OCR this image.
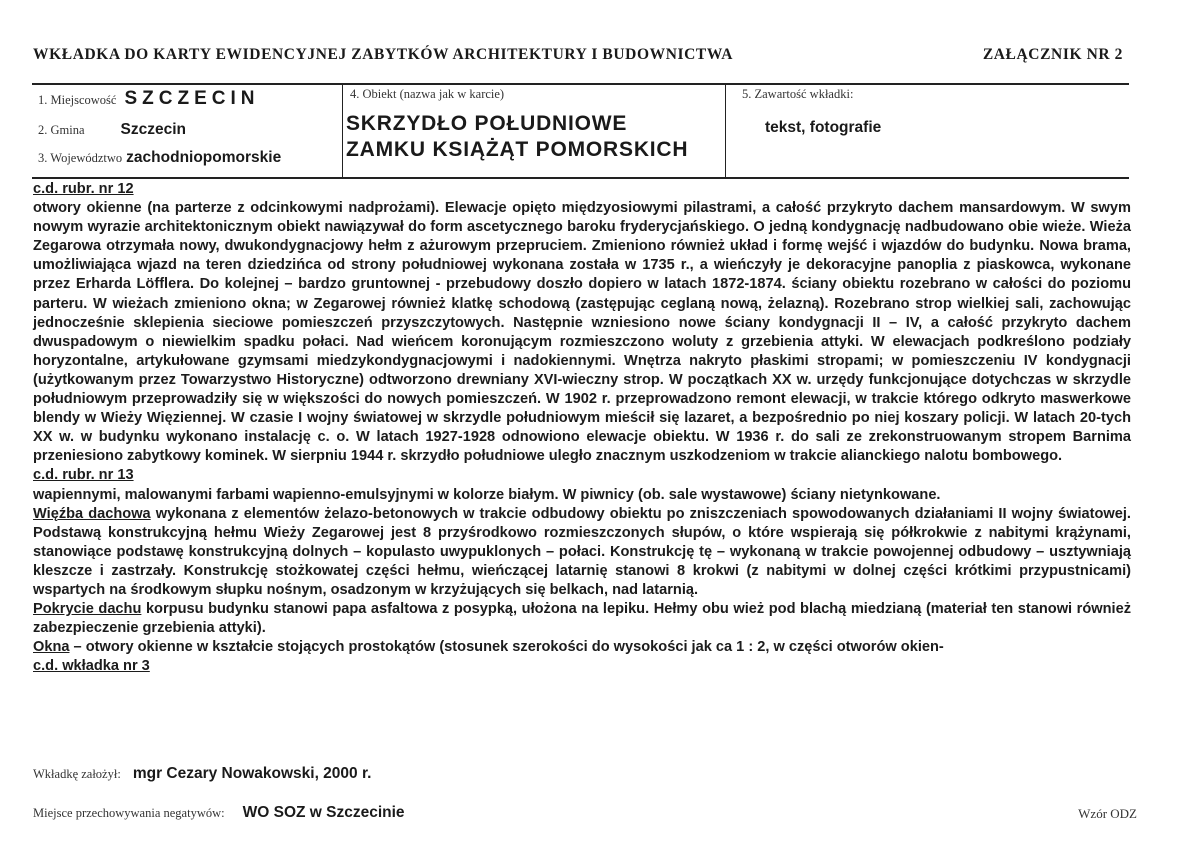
WKŁADKA DO KARTY EWIDENCYJNEJ ZABYTKÓW ARCHITEKTURY I BUDOWNICTWA	ZAŁĄCZNIK NR 2
1. Miejscowość SZCZECIN
2. Gmina Szczecin
3. Województwo zachodniopomorskie
4. Obiekt (nazwa jak w karcie)
SKRZYDŁO POŁUDNIOWE
ZAMKU KSIĄŻĄT POMORSKICH
5. Zawartość wkładki:
tekst, fotografie
c.d. rubr. nr 12

otwory okienne (na parterze z odcinkowymi nadprożami). Elewacje opięto międzyosiowymi pilastrami, a całość przykryto dachem mansardowym. W swym nowym wyrazie architektonicznym obiekt nawiązywał do form ascetycznego baroku fryderycjańskiego. O jedną kondygnację nadbudowano obie wieże. Wieża Zegarowa otrzymała nowy, dwukondygnacjowy hełm z ażurowym przepruciem. Zmieniono również układ i formę wejść i wjazdów do budynku. Nowa brama, umożliwiająca wjazd na teren dziedzińca od strony południowej wykonana została w 1735 r., a wieńczyły je dekoracyjne panoplia z piaskowca, wykonane przez Erharda Löfflera. Do kolejnej – bardzo gruntownej - przebudowy doszło dopiero w latach 1872-1874. ściany obiektu rozebrano w całości do poziomu parteru. W wieżach zmieniono okna; w Zegarowej również klatkę schodową (zastępując ceglaną nową, żelazną). Rozebrano strop wielkiej sali, zachowując jednocześnie sklepienia sieciowe pomieszczeń przyszczytowych. Następnie wzniesiono nowe ściany kondygnacji II – IV, a całość przykryto dachem dwuspadowym o niewielkim spadku połaci. Nad wieńcem koronującym rozmieszczono woluty z grzebienia attyki. W elewacjach podkreślono podziały horyzontalne, artykułowane gzymsami miedzykondygnacjowymi i nadokiennymi. Wnętrza nakryto płaskimi stropami; w pomieszczeniu IV kondygnacji (użytkowanym przez Towarzystwo Historyczne) odtworzono drewniany XVI-wieczny strop. W początkach XX w. urzędy funkcjonujące dotychczas w skrzydle południowym przeprowadziły się w większości do nowych pomieszczeń. W 1902 r. przeprowadzono remont elewacji, w trakcie którego odkryto maswerkowe blendy w Wieży Więziennej. W czasie I wojny światowej w skrzydle południowym mieścił się lazaret, a bezpośrednio po niej koszary policji. W latach 20-tych XX w. w budynku wykonano instalację c. o. W latach 1927-1928 odnowiono elewacje obiektu. W 1936 r. do sali ze zrekonstruowanym stropem Barnima przeniesiono zabytkowy kominek. W sierpniu 1944 r. skrzydło południowe uległo znacznym uszkodzeniom w trakcie alianckiego nalotu bombowego.

c.d. rubr. nr 13

wapiennymi, malowanymi farbami wapienno-emulsyjnymi w kolorze białym. W piwnicy (ob. sale wystawowe) ściany nietynkowane.

Więźba dachowa wykonana z elementów żelazo-betonowych w trakcie odbudowy obiektu po zniszczeniach spowodowanych działaniami II wojny światowej. Podstawą konstrukcyjną hełmu Wieży Zegarowej jest 8 przyśrodkowo rozmieszczonych słupów, o które wspierają się półkrokwie z nabitymi krążynami, stanowiące podstawę konstrukcyjną dolnych – kopulasto uwypuklonych – połaci. Konstrukcję tę – wykonaną w trakcie powojennej odbudowy – usztywniają kleszcze i zastrzały. Konstrukcję stożkowatej części hełmu, wieńczącej latarnię stanowi 8 krokwi (z nabitymi w dolnej części krótkimi przypustnicami) wspartych na środkowym słupku nośnym, osadzonym w krzyżujących się belkach, nad latarnią.

Pokrycie dachu korpusu budynku stanowi papa asfaltowa z posypką, ułożona na lepiku. Hełmy obu wież pod blachą miedzianą (materiał ten stanowi również zabezpieczenie grzebienia attyki).

Okna – otwory okienne w kształcie stojących prostokątów (stosunek szerokości do wysokości jak ca 1 : 2, w części otworów okien-

c.d. wkładka nr 3
Wkładkę założył: mgr Cezary Nowakowski, 2000 r.
Miejsce przechowywania negatywów: WO SOZ w Szczecinie	Wzór ODZ
